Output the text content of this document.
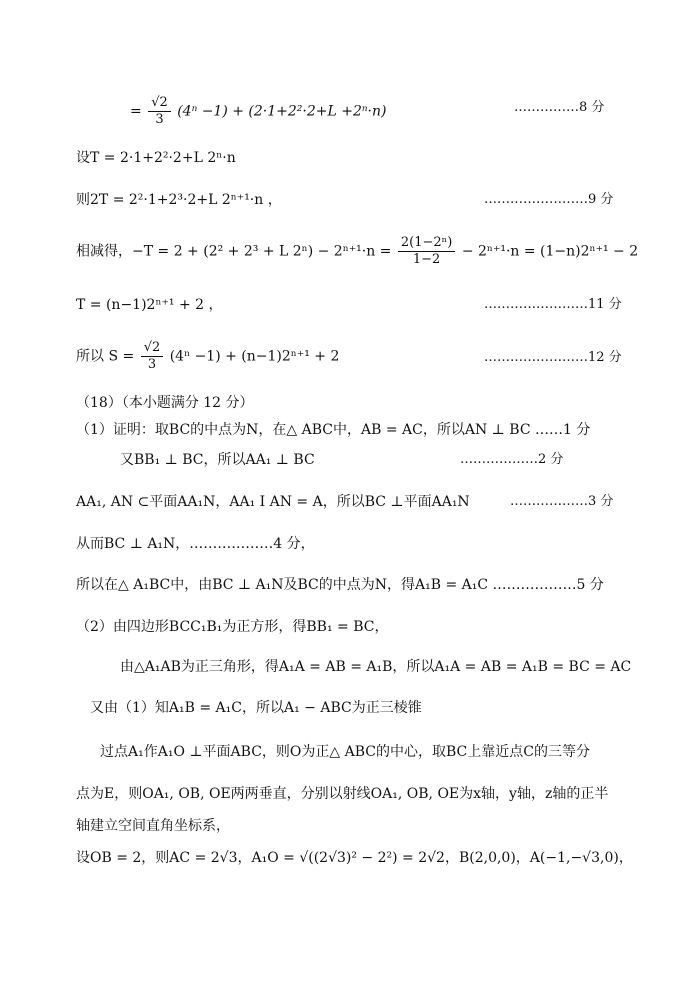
= $\frac{√2}{3} (4^n -1) + (2\cdot 1+2^2\cdot 2+L +2^n\cdot n)$	……………8 分
设T = 2·1+2²·2+L 2ⁿ·n
则2T = 2²·1+2³·2+L 2ⁿ⁺¹·n ，	……………………9 分
相减得，−T = 2 + (2² + 2³ + L $2^n) - 2^{n+1}\cdot n = \frac{\text{2(1−2ⁿ)}}{1-2} - 2^{n+1}\cdot n = (1-n)2^{n+1} - 2$
T = (n−1)2ⁿ⁺¹ + 2 ，	……………………11 分
所以 $S = \frac{√2}{3} (4^n -1) + (n-1)2^{n+1} + 2$	……………………12 分
（18）（本小题满分 12 分）
（1）证明：取BC的中点为N，在△ ABC中，AB = AC，所以AN ⊥ BC ……1 分
又BB₁ ⊥ BC，所以AA₁ ⊥ BC	………………2 分
AA₁, AN ⊂平面AA₁N，AA₁ I AN = A，所以BC ⊥平面AA₁N	………………3 分
从而BC ⊥ A₁N，………………4 分，
所以在△ A₁BC中，由BC ⊥ A₁N及BC的中点为N，得A₁B = A₁C ………………5 分
（2）由四边形BCC₁B₁为正方形，得BB₁ = BC，
由△A₁AB为正三角形，得A₁A = AB = A₁B，所以A₁A = AB = A₁B = BC = AC
又由（1）知A₁B = A₁C，所以A₁ − ABC为正三棱锥
过点A₁作A₁O ⊥平面ABC，则O为正△ ABC的中心，取BC上靠近点C的三等分
点为E，则OA₁, OB, OE两两垂直，分别以射线OA₁, OB, OE为x轴，y轴，z轴的正半
轴建立空间直角坐标系，
设OB = 2，则AC = 2√3，A₁O = √((2√3)² − 2²) = 2√2，B(2,0,0)，A(−1,−√3,0)，
